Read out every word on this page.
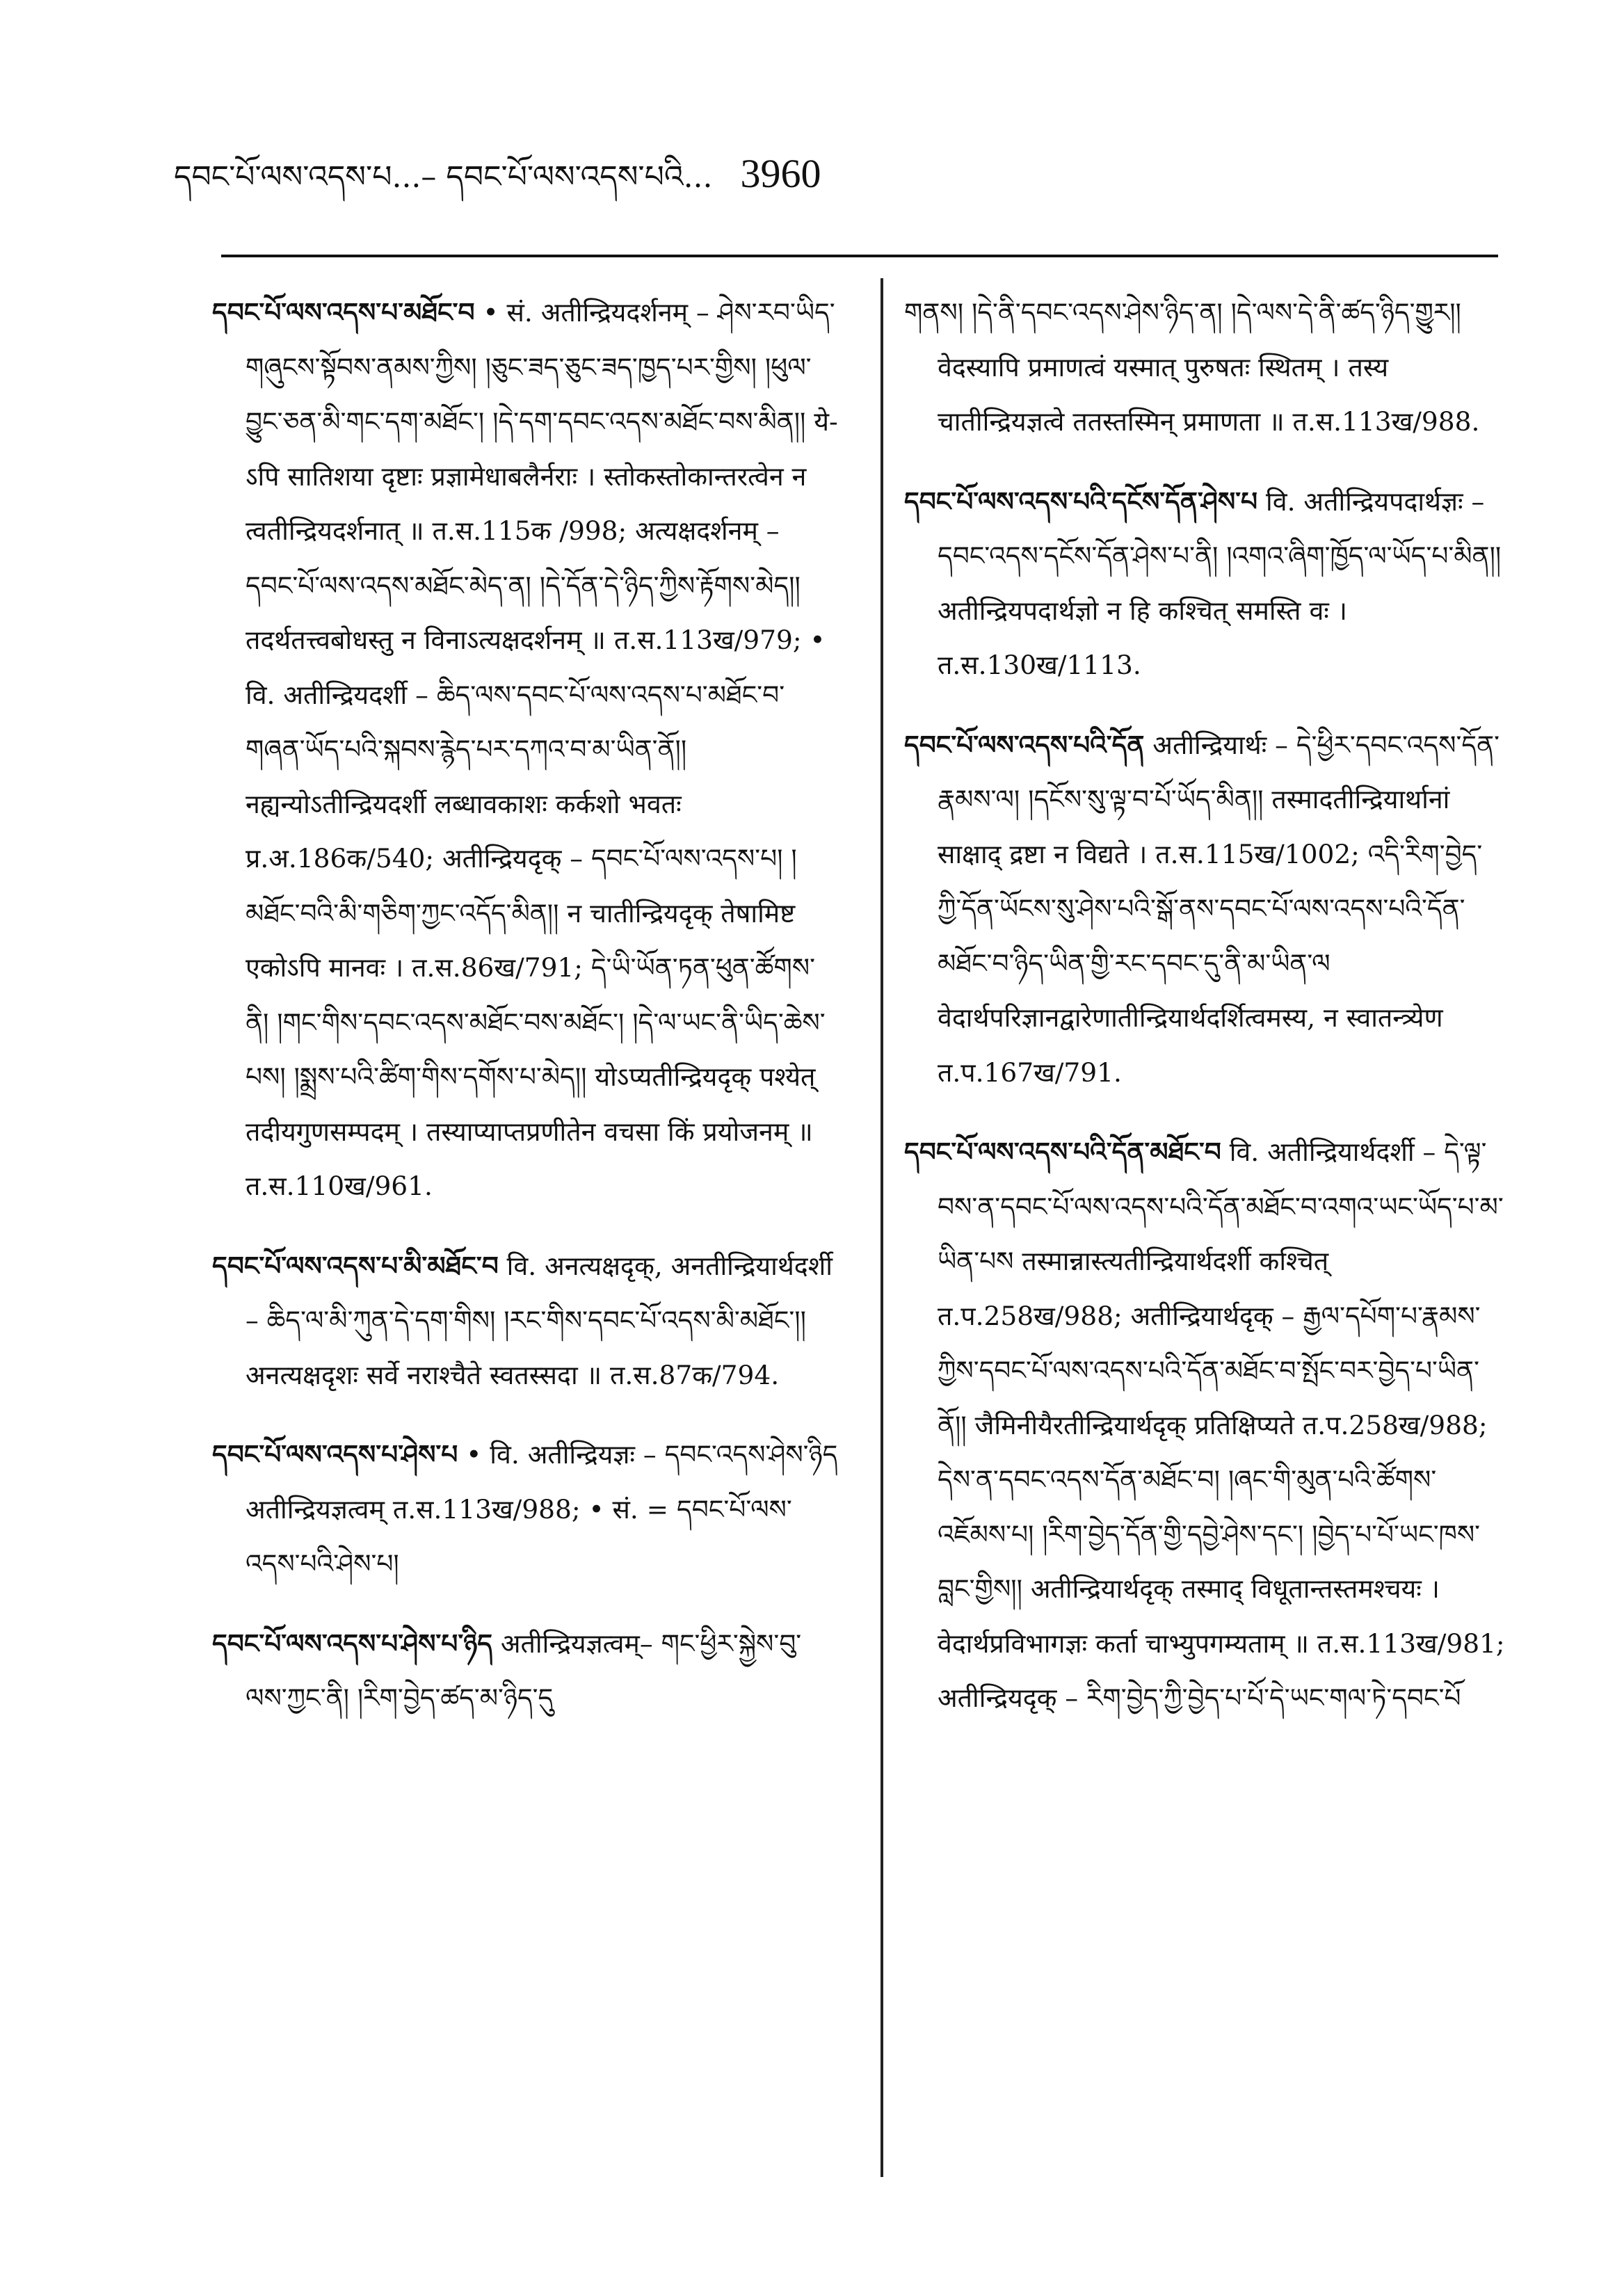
དབང་པོ་ལས་འདས་པ...– དབང་པོ་ལས་འདས་པའི... 3960

དབང་པོ་ལས་འདས་པ་མཐོང་བ • सं. अतीन्द्रियदर्शनम् – ཤེས་རབ་ཡིད་གཞུངས་སྟོབས་ནམས་ཀྱིས། །ཅུང་ཟད་ཅུང་ཟད་ཁྱད་པར་གྱིས། །ཕུལ་བྱུང་ཅན་མི་གང་དག་མཐོང་། །དེ་དག་དབང་འདས་མཐོང་བས་མིན།། ये-ऽपि सातिशया दृष्टाः प्रज्ञामेधाबलैर्नराः । स्तोकस्तोकान्तरत्वेन न त्वतीन्द्रियदर्शनात् ॥ त.स.115क /998; अत्यक्षदर्शनम् – དབང་པོ་ལས་འདས་མཐོང་མེད་ན། །དེ་དོན་དེ་ཉིད་ཀྱིས་རྟོགས་མེད།། तदर्थतत्त्वबोधस्तु न विनाऽत्यक्षदर्शनम् ॥ त.स.113ख/979; • वि. अतीन्द्रियदर्शी – ཆིད་ལས་དབང་པོ་ལས་འདས་པ་མཐོང་བ་གཞན་ཡོད་པའི་སྐབས་རྙེད་པར་དཀའ་བ་མ་ཡིན་ནོ།། नह्यन्योऽतीन्द्रियदर्शी लब्धावकाशः कर्कशो भवतः प्र.अ.186क/540; अतीन्द्रियदृक् – དབང་པོ་ལས་འདས་པ། །མཐོང་བའི་མི་གཅིག་ཀྱང་འདོད་མིན།། न चातीन्द्रियदृक् तेषामिष्ट एकोऽपि मानवः । त.स.86ख/791; དེ་ཡི་ཡོན་ཏན་ཕུན་ཚོགས་ནི། །གང་གིས་དབང་འདས་མཐོང་བས་མཐོང་། །དེ་ལ་ཡང་ནི་ཡིད་ཆེས་པས། །སྨྲས་པའི་ཚིག་གིས་དགོས་པ་མེད།། योऽप्यतीन्द्रियदृक् पश्येत् तदीयगुणसम्पदम् । तस्याप्याप्तप्रणीतेन वचसा किं प्रयोजनम् ॥ त.स.110ख/961.

དབང་པོ་ལས་འདས་པ་མི་མཐོང་བ वि. अनत्यक्षदृक्, अनतीन्द्रियार्थदर्शी – ཆིད་ལ་མི་ཀུན་དེ་དག་གིས། །རང་གིས་དབང་པོ་འདས་མི་མཐོང་།། अनत्यक्षदृशः सर्वे नराश्चैते स्वतस्सदा ॥ त.स.87क/794.

དབང་པོ་ལས་འདས་པ་ཤེས་པ • वि. अतीन्द्रियज्ञः – དབང་འདས་ཤེས་ཉིད अतीन्द्रियज्ञत्वम् त.स.113ख/988; • सं. = དབང་པོ་ལས་འདས་པའི་ཤེས་པ།

དབང་པོ་ལས་འདས་པ་ཤེས་པ་ཉིད अतीन्द्रियज्ञत्वम्– གང་ཕྱིར་སྐྱེས་བུ་ལས་ཀྱང་ནི། །རིག་བྱེད་ཚད་མ་ཉིད་དུ

གནས། །དེ་ནི་དབང་འདས་ཤེས་ཉིད་ན། །དེ་ལས་དེ་ནི་ཚད་ཉིད་གྱུར།། वेदस्यापि प्रमाणत्वं यस्मात् पुरुषतः स्थितम् । तस्य चातीन्द्रियज्ञत्वे ततस्तस्मिन् प्रमाणता ॥ त.स.113ख/988.

དབང་པོ་ལས་འདས་པའི་དངོས་དོན་ཤེས་པ वि. अतीन्द्रियपदार्थज्ञः – དབང་འདས་དངོས་དོན་ཤེས་པ་ནི། །འགའ་ཞིག་ཁྱོད་ལ་ཡོད་པ་མིན།། अतीन्द्रियपदार्थज्ञो न हि कश्चित् समस्ति वः । त.स.130ख/1113.

དབང་པོ་ལས་འདས་པའི་དོན अतीन्द्रियार्थः – དེ་ཕྱིར་དབང་འདས་དོན་རྣམས་ལ། །དངོས་སུ་ལྟ་བ་པོ་ཡོད་མིན།། तस्मादतीन्द्रियार्थानां साक्षाद् द्रष्टा न विद्यते । त.स.115ख/1002; འདི་རིག་བྱེད་ཀྱི་དོན་ཡོངས་སུ་ཤེས་པའི་སྒོ་ནས་དབང་པོ་ལས་འདས་པའི་དོན་མཐོང་བ་ཉིད་ཡིན་གྱི་རང་དབང་དུ་ནི་མ་ཡིན་ལ वेदार्थपरिज्ञानद्वारेणातीन्द्रियार्थदर्शित्वमस्य, न स्वातन्त्र्येण त.प.167ख/791.

དབང་པོ་ལས་འདས་པའི་དོན་མཐོང་བ वि. अतीन्द्रियार्थदर्शी – དེ་ལྟ་བས་ན་དབང་པོ་ལས་འདས་པའི་དོན་མཐོང་བ་འགའ་ཡང་ཡོད་པ་མ་ཡིན་པས तस्मान्नास्त्यतीन्द्रियार्थदर्शी कश्चित् त.प.258ख/988; अतीन्द्रियार्थदृक् – རྒྱལ་དཔོག་པ་རྣམས་ཀྱིས་དབང་པོ་ལས་འདས་པའི་དོན་མཐོང་བ་སྤོང་བར་བྱེད་པ་ཡིན་ནོ།། जैमिनीयैरतीन्द्रियार्थदृक् प्रतिक्षिप्यते त.प.258ख/988; དེས་ན་དབང་འདས་དོན་མཐོང་བ། །ཞང་གི་མུན་པའི་ཚོགས་འཇོམས་པ། །རིག་བྱེད་དོན་གྱི་དབྱེ་ཤེས་དང་། །བྱེད་པ་པོ་ཡང་ཁས་བླང་གྱིས།། अतीन्द्रियार्थदृक् तस्माद् विधूतान्तस्तमश्चयः । वेदार्थप्रविभागज्ञः कर्ता चाभ्युपगम्यताम् ॥ त.स.113ख/981; अतीन्द्रियदृक् – རིག་བྱེད་ཀྱི་བྱེད་པ་པོ་དེ་ཡང་གལ་ཏེ་དབང་པོ
